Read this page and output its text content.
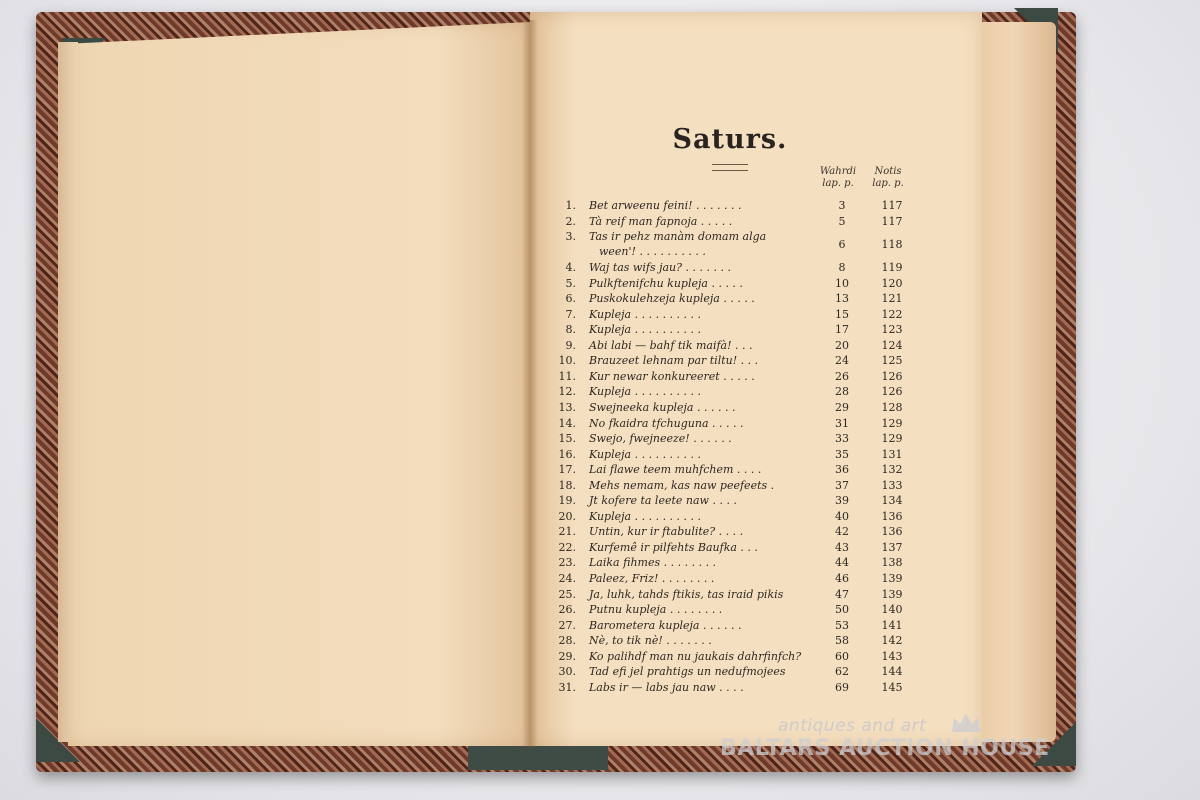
Saturs.
Wahrdi
lap. p.
Notis
lap. p.
1. Bet arweenu feini! . . . . . . .	3	117
2. Tà reif man fapnoja . . . . .	5	117
3. Tas ir pehz manàm domam alga
ween'! . . . . . . . . . .
6	118
4. Waj tas wifs jau? . . . . . . .	8	119
5. Pulkftenifchu kupleja . . . . .	10	120
6. Puskokulehzeja kupleja . . . . .	13	121
7. Kupleja . . . . . . . . . .	15	122
8. Kupleja . . . . . . . . . .	17	123
9. Abi labi — bahf tik maifà! . . .	20	124
10. Brauzeet lehnam par tiltu! . . .	24	125
11. Kur newar konkureeret . . . . .	26	126
12. Kupleja . . . . . . . . . .	28	126
13. Swejneeka kupleja . . . . . .	29	128
14. No fkaidra tfchuguna . . . . .	31	129
15. Swejo, fwejneeze! . . . . . .	33	129
16. Kupleja . . . . . . . . . .	35	131
17. Lai flawe teem muhfchem . . . .	36	132
18. Mehs nemam, kas naw peefeets .	37	133
19. Jt kofere ta leete naw . . . .	39	134
20. Kupleja . . . . . . . . . .	40	136
21. Untin, kur ir ftabulite? . . . .	42	136
22. Kurfemê ir pilfehts Baufka . . .	43	137
23. Laika fihmes . . . . . . . .	44	138
24. Paleez, Friz! . . . . . . . .	46	139
25. Ja, luhk, tahds ftikis, tas iraid pikis	47	139
26. Putnu kupleja . . . . . . . .	50	140
27. Barometera kupleja . . . . . .	53	141
28. Nè, to tik nè! . . . . . . .	58	142
29. Ko palihdf man nu jaukais dahrfinfch?	60	143
30. Tad efi jel prahtigs un nedufmojees	62	144
31. Labs ir — labs jau naw . . . .	69	145
antiques and art
BALTARS AUCTION HOUSE
